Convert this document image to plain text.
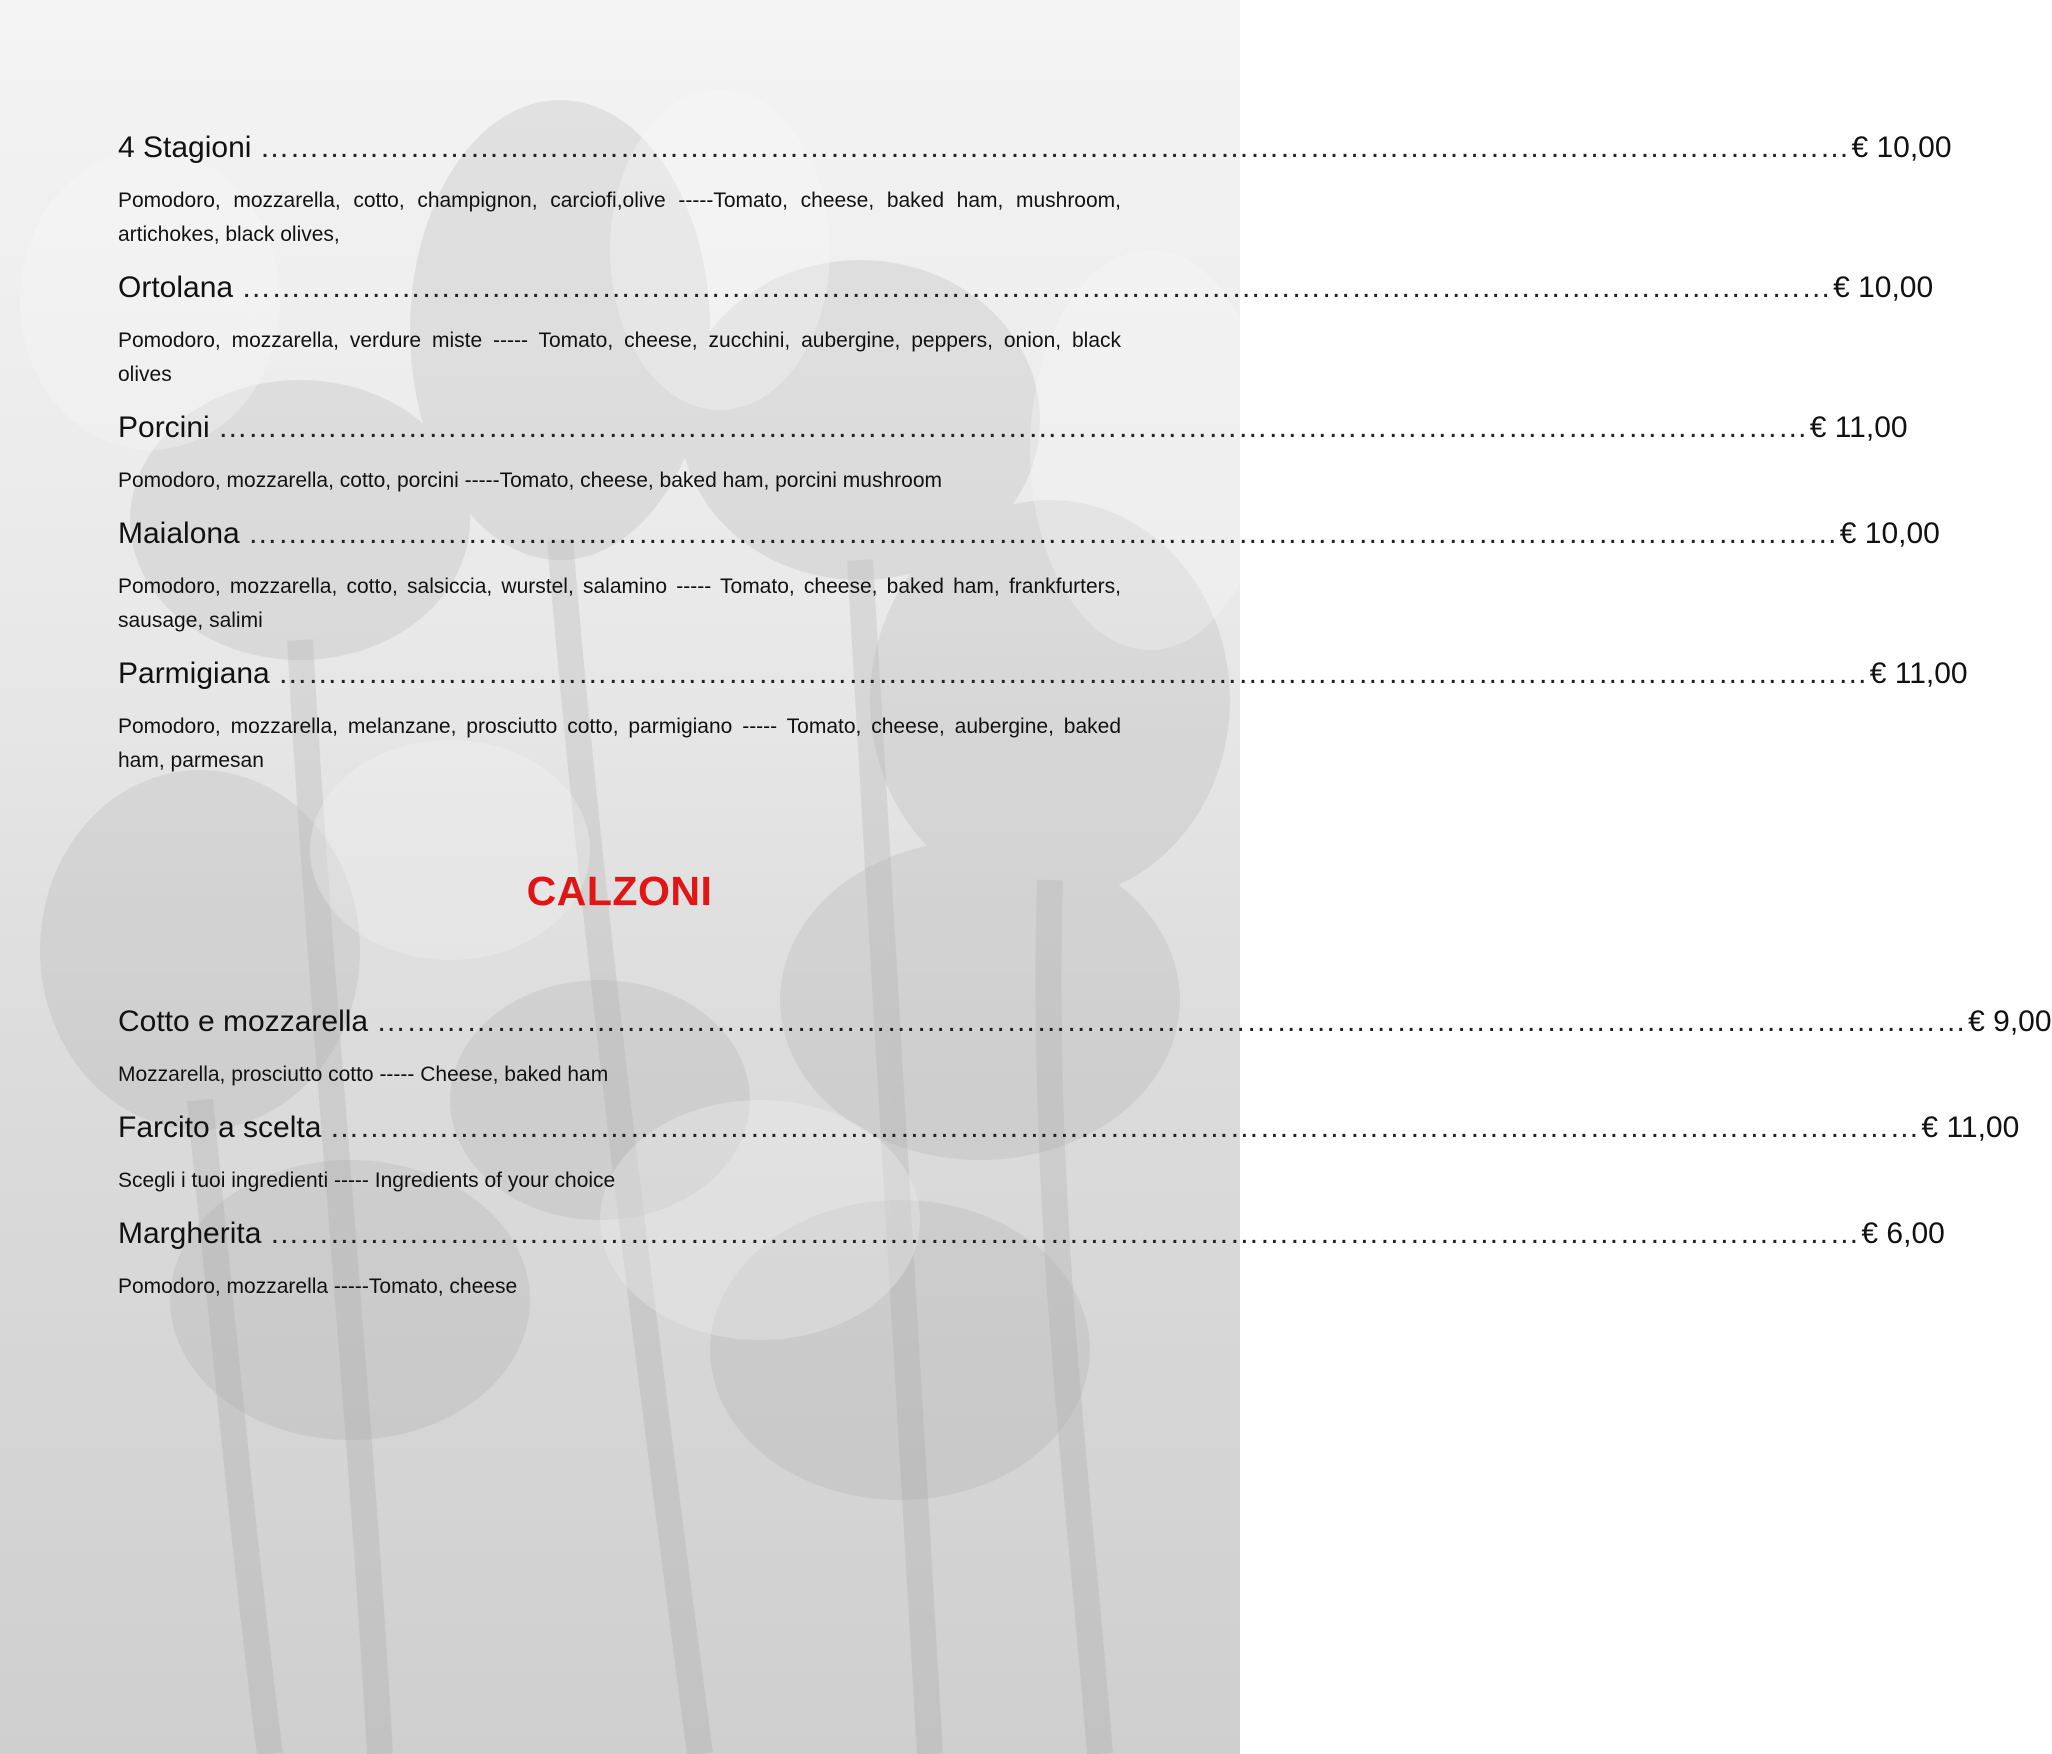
4 Stagioni …………………………………………………………………………………………………………………………………………… € 10,00

Pomodoro, mozzarella, cotto, champignon, carciofi,olive -----Tomato, cheese, baked ham, mushroom, artichokes, black olives,

Ortolana …………………………………………………………………………………………………………………………………………… € 10,00

Pomodoro, mozzarella, verdure miste ----- Tomato, cheese, zucchini, aubergine, peppers, onion, black olives

Porcini …………………………………………………………………………………………………………………………………………… € 11,00

Pomodoro, mozzarella, cotto, porcini -----Tomato, cheese, baked ham, porcini mushroom

Maialona …………………………………………………………………………………………………………………………………………… € 10,00

Pomodoro, mozzarella, cotto, salsiccia, wurstel, salamino ----- Tomato, cheese, baked ham, frankfurters, sausage, salimi

Parmigiana …………………………………………………………………………………………………………………………………………… € 11,00

Pomodoro, mozzarella, melanzane, prosciutto cotto, parmigiano ----- Tomato, cheese, aubergine, baked ham, parmesan

CALZONI
Cotto e mozzarella …………………………………………………………………………………………………………………………………………… € 9,00

Mozzarella, prosciutto cotto ----- Cheese, baked ham

Farcito a scelta …………………………………………………………………………………………………………………………………………… € 11,00

Scegli i tuoi ingredienti ----- Ingredients of your choice

Margherita …………………………………………………………………………………………………………………………………………… € 6,00

Pomodoro, mozzarella -----Tomato, cheese
